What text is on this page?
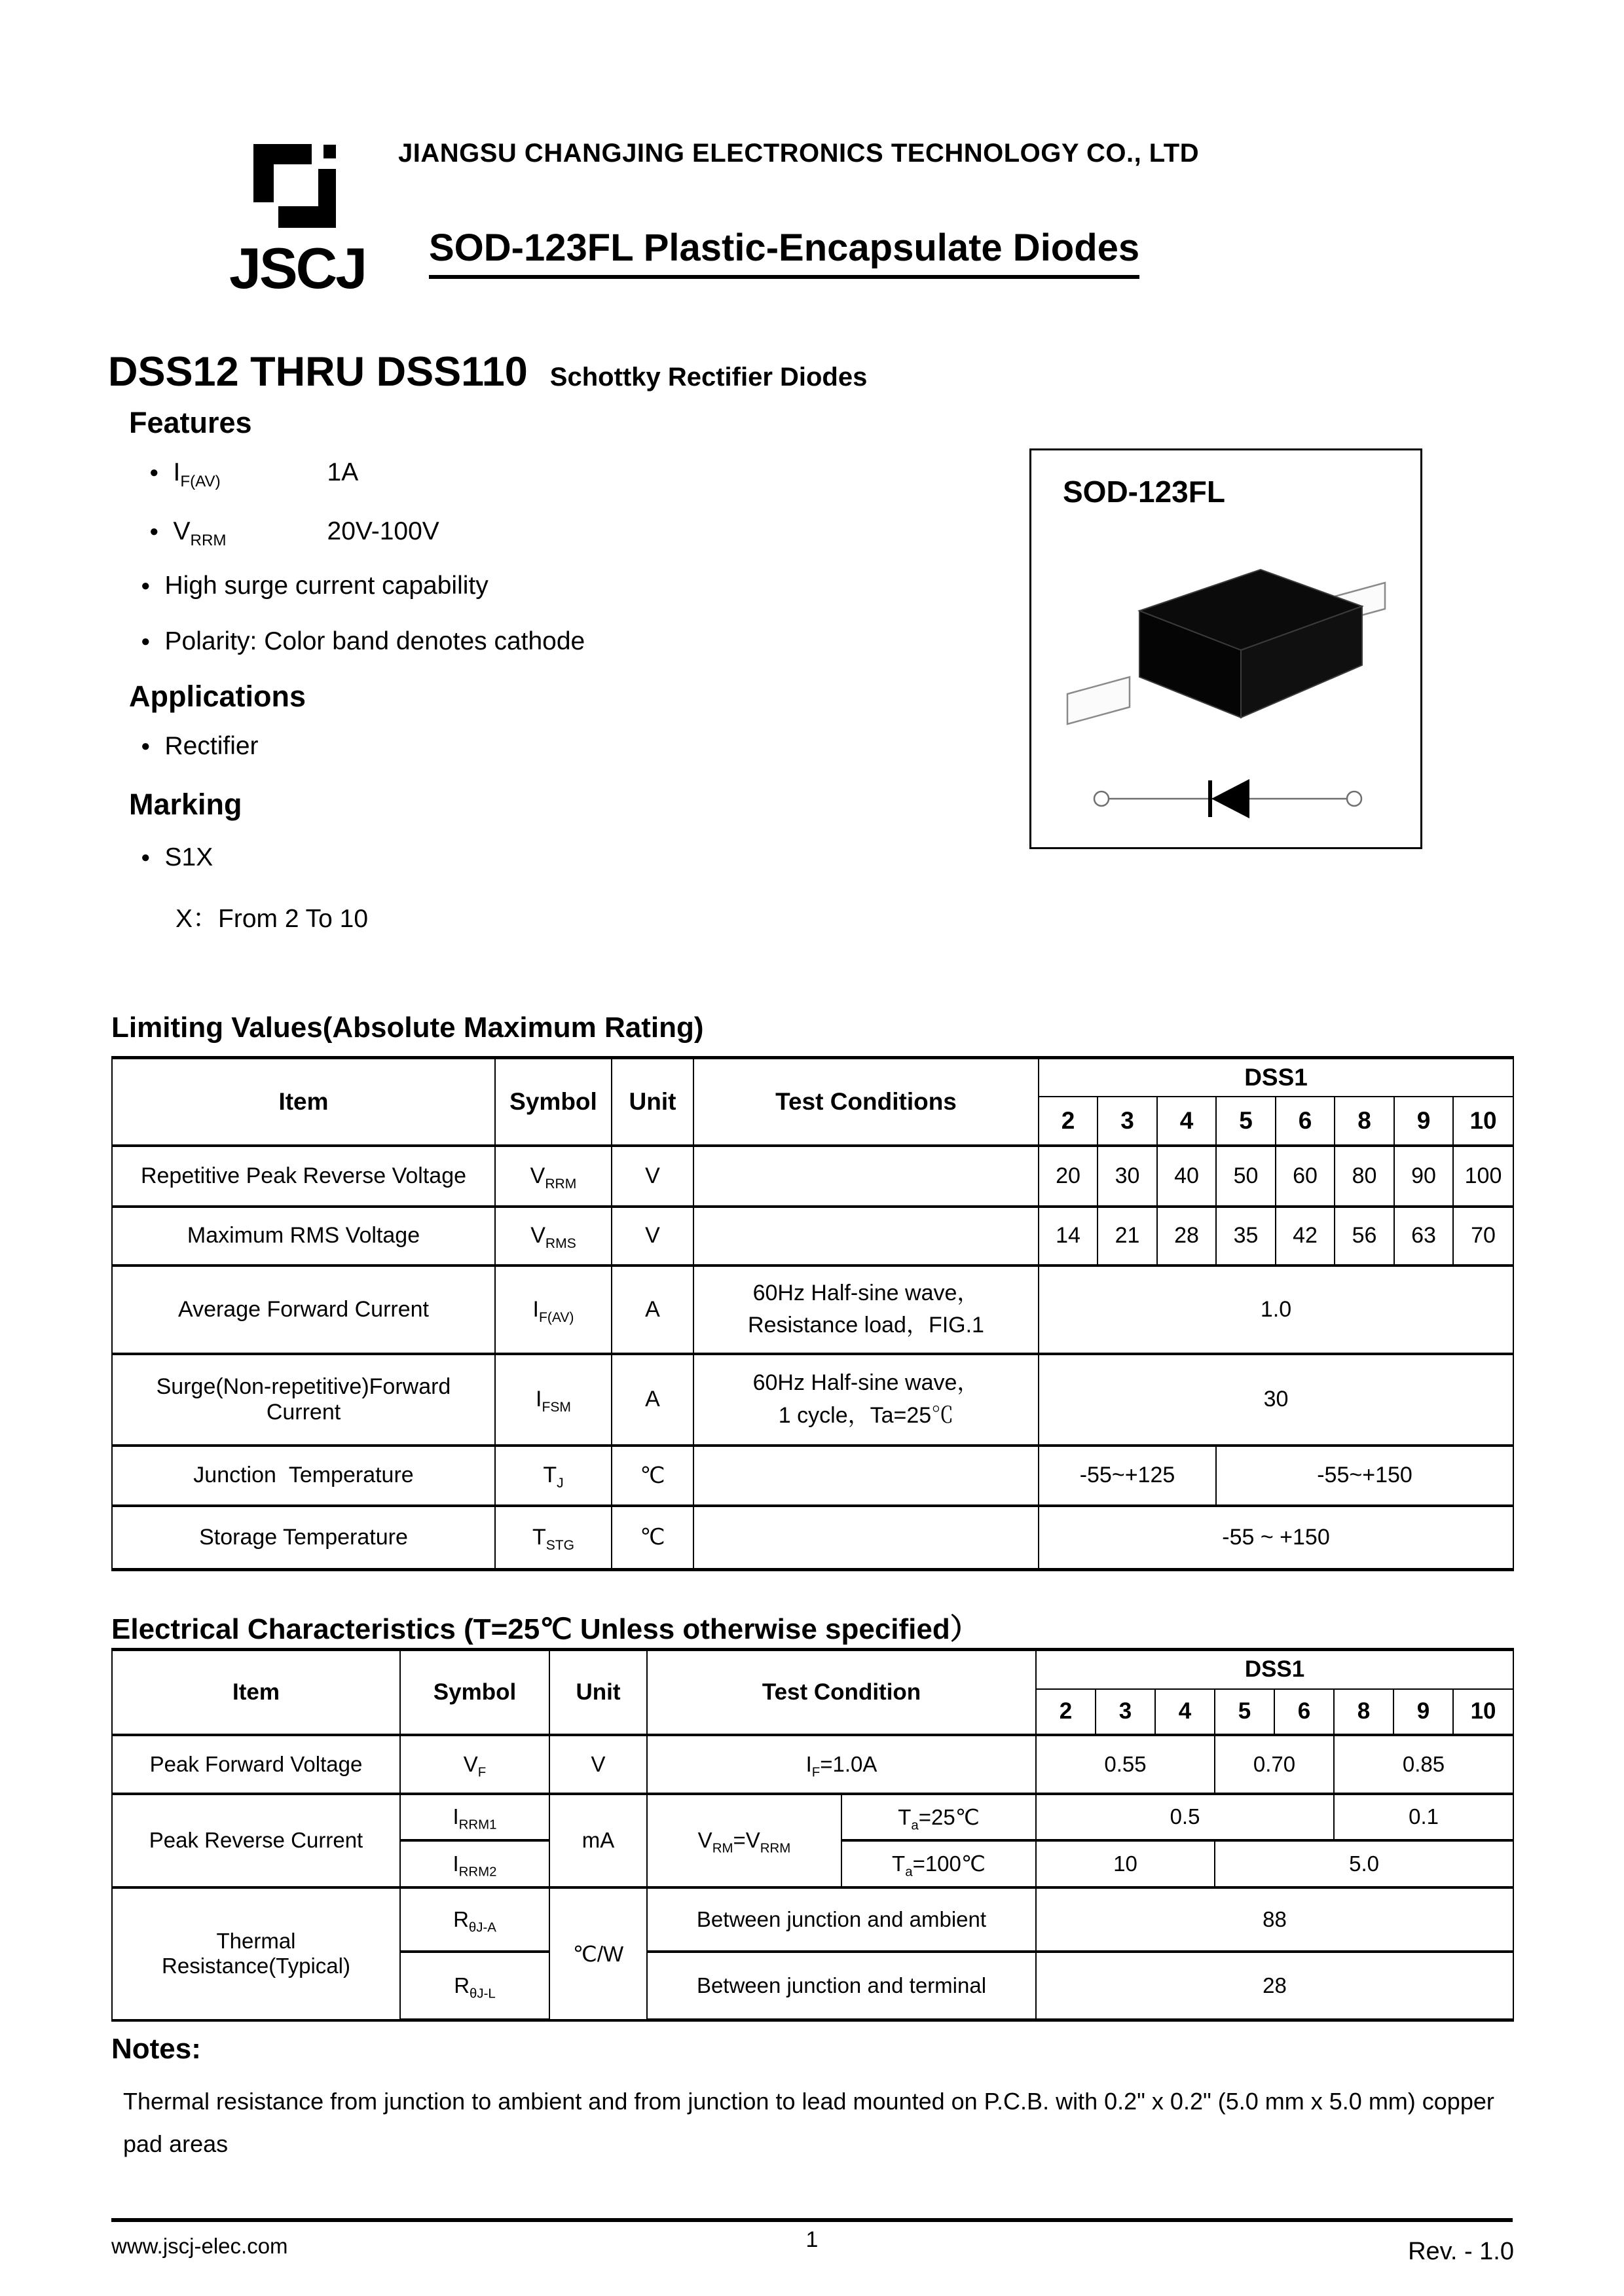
JSCJ
JIANGSU CHANGJING ELECTRONICS TECHNOLOGY CO., LTD
SOD-123FL Plastic-Encapsulate Diodes
DSS12 THRU DSS110 Schottky Rectifier Diodes
Features
● $I_{F(AV)}$	1A
● $V_{RRM}$	20V-100V
● High surge current capability
● Polarity: Color band denotes cathode
Applications
● Rectifier
Marking
● S1X
X：From 2 To 10
SOD-123FL
Limiting Values(Absolute Maximum Rating)
Item	Symbol	Unit	Test Conditions	DSS1							
				2	3	4	5	6	8	9	10
Repetitive Peak Reverse Voltage	$V_{RRM}$	V		20	30	40	50	60	80	90	100
Maximum RMS Voltage	$V_{RMS}$	V		14	21	28	35	42	56	63	70
Average Forward Current	$I_{F(AV)}$	A	60Hz Half-sine wave，
Resistance load，FIG.1	1.0							
Surge(Non-repetitive)Forward Current	$I_{FSM}$	A	60Hz Half-sine wave，
1 cycle，Ta=25℃	30							
Junction  Temperature	$T_J$	℃		-55~+125			-55~+150				
Storage Temperature	$T_{STG}$	℃		-55 ~ +150							
Electrical Characteristics (T=25℃ Unless otherwise specified）
Item	Symbol	Unit	Test Condition		DSS1							
					2	3	4	5	6	8	9	10
Peak Forward Voltage	$V_F$	V	$I_F=1.0A$		0.55			0.70		0.85		
Peak Reverse Current	$I_{RRM1}$	mA	$V_{RM}=V_{RRM}$	$T_a=25℃$	0.5					0.1		
	$I_{RRM2}$			$T_a=100℃$	10			5.0				
Thermal
Resistance(Typical)	$R_{\theta J-A}$	℃/W	Between junction and ambient		88							
	$R_{\theta J-L}$		Between junction and terminal		28							
Notes:
Thermal resistance from junction to ambient and from junction to lead mounted on P.C.B. with 0.2" x 0.2" (5.0 mm x 5.0 mm) copper
pad areas
www.jscj-elec.com	1	Rev. - 1.0
